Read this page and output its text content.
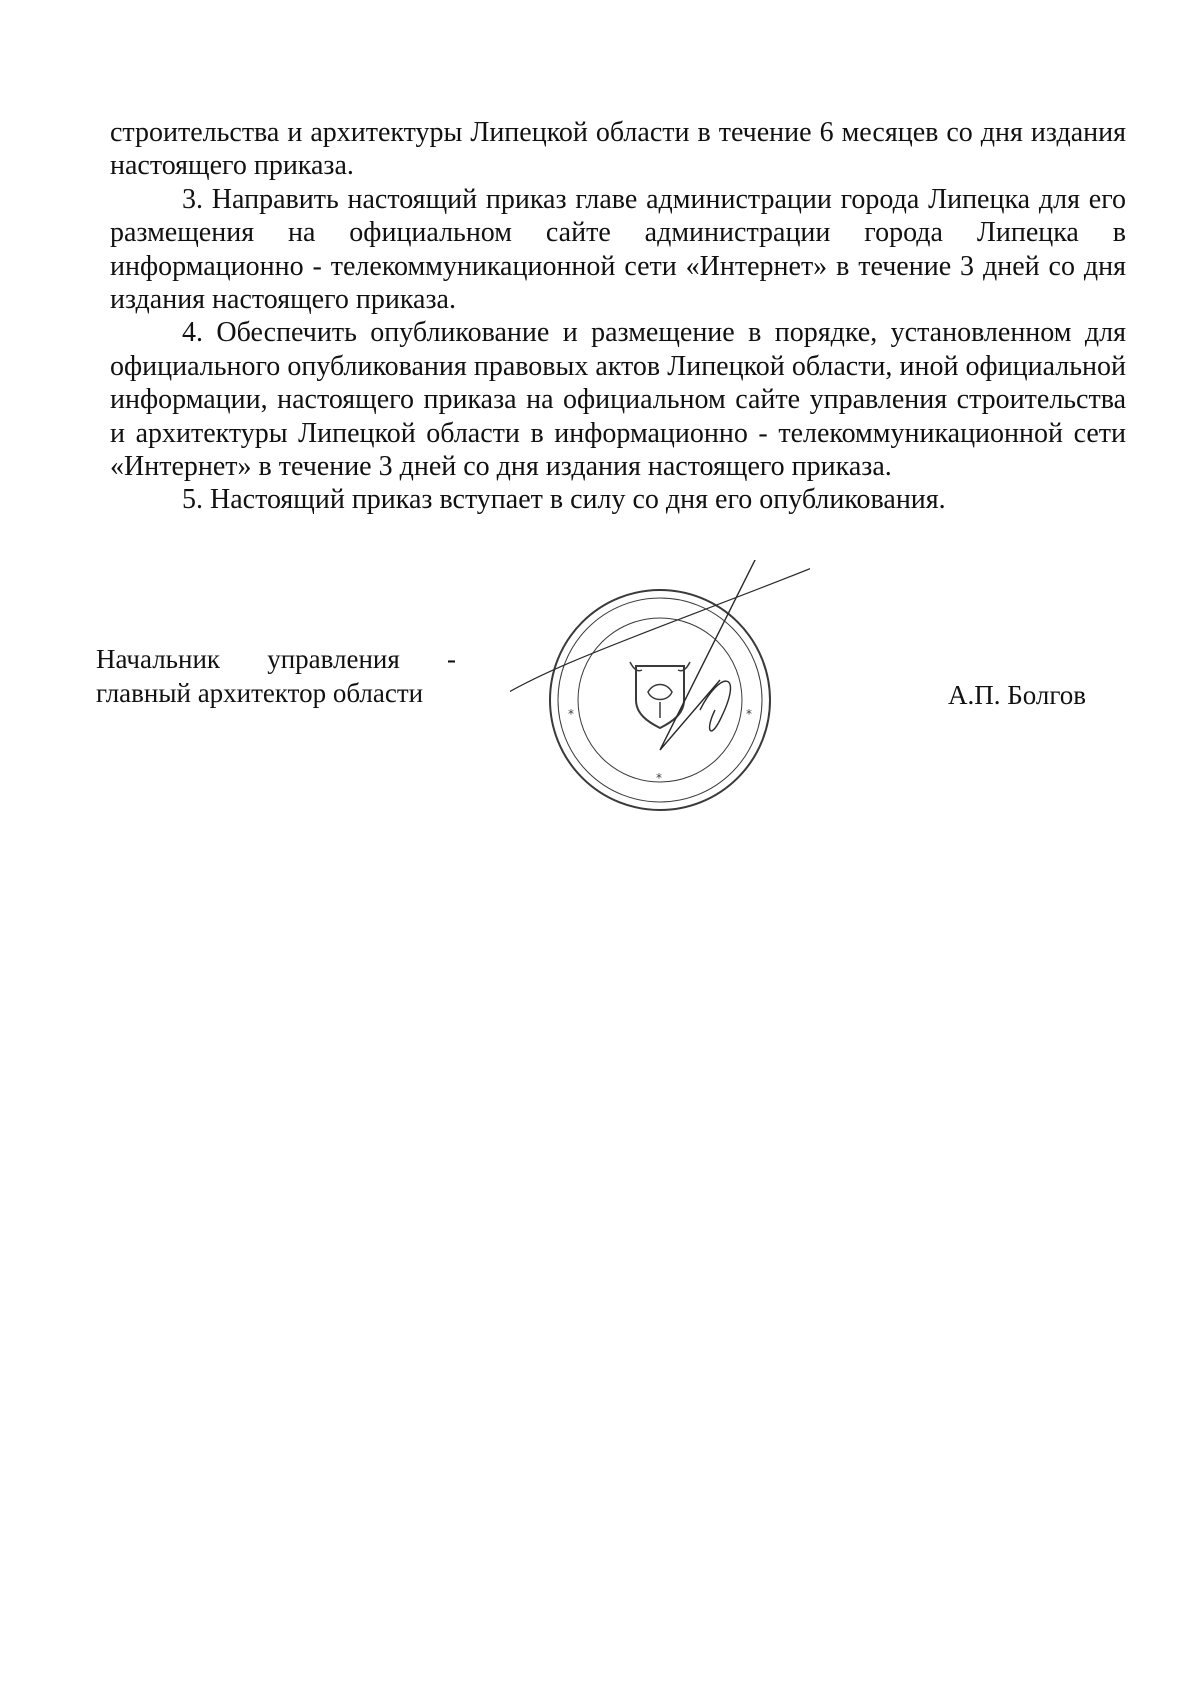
строительства и архитектуры Липецкой области в течение 6 месяцев со дня издания настоящего приказа.

3. Направить настоящий приказ главе администрации города Липецка для его размещения на официальном сайте администрации города Липецка в информационно - телекоммуникационной сети «Интернет» в течение 3 дней со дня издания настоящего приказа.

4. Обеспечить опубликование и размещение в порядке, установленном для официального опубликования правовых актов Липецкой области, иной официальной информации, настоящего приказа на официальном сайте управления строительства и архитектуры Липецкой области в информационно - телекоммуникационной сети «Интернет» в течение 3 дней со дня издания настоящего приказа.

5. Настоящий приказ вступает в силу со дня его опубликования.

Начальник управления -
главный архитектор области	А.П. Болгов
*	*
*
